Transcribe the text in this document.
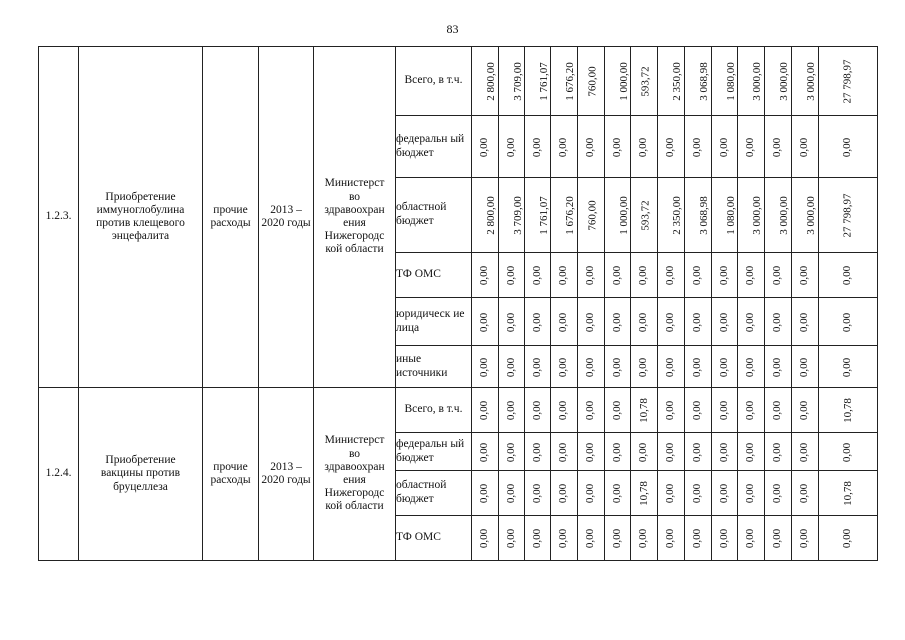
83
1.2.3.	Приобретение иммуноглобулина против клещевого энцефалита	прочие расходы	2013 – 2020 годы	Министерст во здравоохран ения Нижегородс кой области	Всего, в т.ч.	2 800,00	3 709,00	1 761,07	1 676,20	760,00	1 000,00	593,72	2 350,00	3 068,98	1 080,00	3 000,00	3 000,00	3 000,00	27 798,97
					федеральн ый бюджет	0,00	0,00	0,00	0,00	0,00	0,00	0,00	0,00	0,00	0,00	0,00	0,00	0,00	0,00
					областной бюджет	2 800,00	3 709,00	1 761,07	1 676,20	760,00	1 000,00	593,72	2 350,00	3 068,98	1 080,00	3 000,00	3 000,00	3 000,00	27 798,97
					ТФ ОМС	0,00	0,00	0,00	0,00	0,00	0,00	0,00	0,00	0,00	0,00	0,00	0,00	0,00	0,00
					юридическ ие лица	0,00	0,00	0,00	0,00	0,00	0,00	0,00	0,00	0,00	0,00	0,00	0,00	0,00	0,00
					иные источники	0,00	0,00	0,00	0,00	0,00	0,00	0,00	0,00	0,00	0,00	0,00	0,00	0,00	0,00
1.2.4.	Приобретение вакцины против бруцеллеза	прочие расходы	2013 – 2020 годы	Министерст во здравоохран ения Нижегородс кой области	Всего, в т.ч.	0,00	0,00	0,00	0,00	0,00	0,00	10,78	0,00	0,00	0,00	0,00	0,00	0,00	10,78
					федеральн ый бюджет	0,00	0,00	0,00	0,00	0,00	0,00	0,00	0,00	0,00	0,00	0,00	0,00	0,00	0,00
					областной бюджет	0,00	0,00	0,00	0,00	0,00	0,00	10,78	0,00	0,00	0,00	0,00	0,00	0,00	10,78
					ТФ ОМС	0,00	0,00	0,00	0,00	0,00	0,00	0,00	0,00	0,00	0,00	0,00	0,00	0,00	0,00
